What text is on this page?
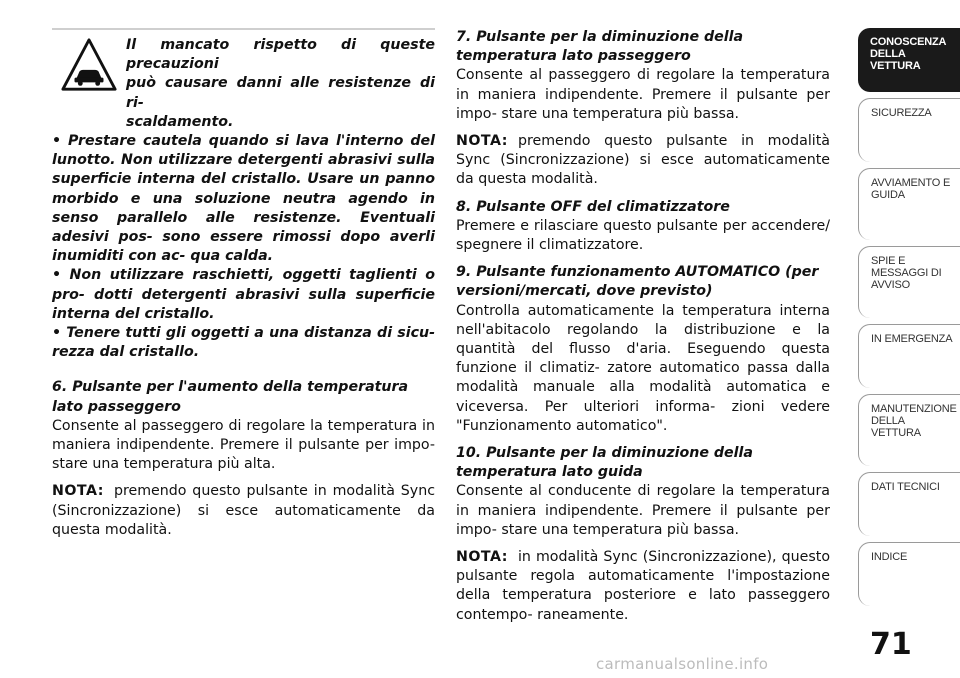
Il mancato rispetto di queste precauzioni
può causare danni alle resistenze di ri-
scaldamento.
• Prestare cautela quando si lava l'interno del lunotto. Non utilizzare detergenti abrasivi sulla superficie interna del cristallo. Usare un panno morbido e una soluzione neutra agendo in senso parallelo alle resistenze. Eventuali adesivi pos- sono essere rimossi dopo averli inumiditi con ac- qua calda.
• Non utilizzare raschietti, oggetti taglienti o pro- dotti detergenti abrasivi sulla superficie interna del cristallo.
• Tenere tutti gli oggetti a una distanza di sicu- rezza dal cristallo.
6. Pulsante per l'aumento della temperatura lato passeggero

Consente al passeggero di regolare la temperatura in maniera indipendente. Premere il pulsante per impo- stare una temperatura più alta.

NOTA: premendo questo pulsante in modalità Sync (Sincronizzazione) si esce automaticamente da questa modalità.

7. Pulsante per la diminuzione della temperatura lato passeggero

Consente al passeggero di regolare la temperatura in maniera indipendente. Premere il pulsante per impo- stare una temperatura più bassa.

NOTA: premendo questo pulsante in modalità Sync (Sincronizzazione) si esce automaticamente da questa modalità.

8. Pulsante OFF del climatizzatore

Premere e rilasciare questo pulsante per accendere/ spegnere il climatizzatore.

9. Pulsante funzionamento AUTOMATICO (per versioni/mercati, dove previsto)

Controlla automaticamente la temperatura interna nell'abitacolo regolando la distribuzione e la quantità del flusso d'aria. Eseguendo questa funzione il climatiz- zatore automatico passa dalla modalità manuale alla modalità automatica e viceversa. Per ulteriori informa- zioni vedere "Funzionamento automatico".

10. Pulsante per la diminuzione della temperatura lato guida

Consente al conducente di regolare la temperatura in maniera indipendente. Premere il pulsante per impo- stare una temperatura più bassa.

NOTA: in modalità Sync (Sincronizzazione), questo pulsante regola automaticamente l'impostazione della temperatura posteriore e lato passeggero contempo- raneamente.

CONOSCENZA DELLA VETTURA
SICUREZZA
AVVIAMENTO E GUIDA
SPIE E MESSAGGI DI AVVISO
IN EMERGENZA
MANUTENZIONE DELLA VETTURA
DATI TECNICI
INDICE
71
carmanualsonline.info
